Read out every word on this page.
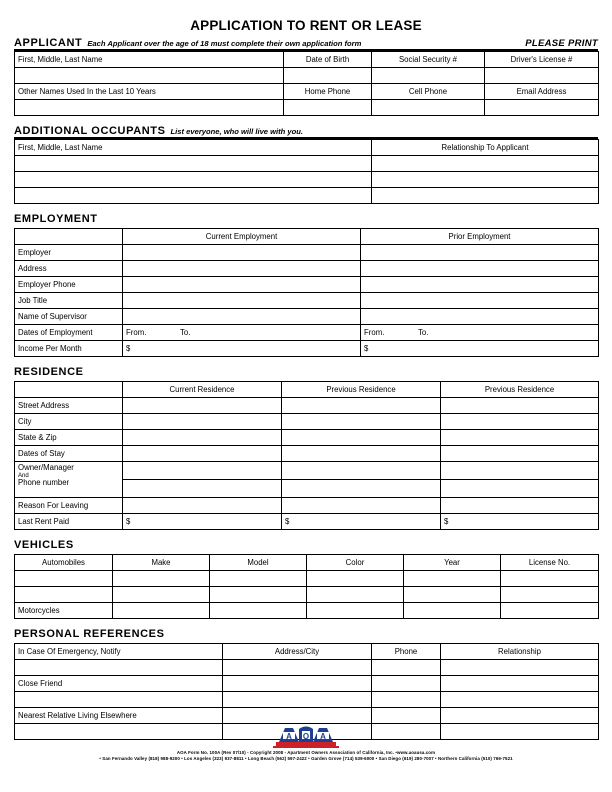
APPLICATION TO RENT OR LEASE
APPLICANT Each Applicant over the age of 18 must complete their own application form	PLEASE PRINT
First, Middle, Last Name	Date of Birth	Social Security #	Driver's License #

Other Names Used In the Last 10 Years	Home Phone	Cell Phone	Email Address

ADDITIONAL OCCUPANTS List everyone, who will live with you.
First, Middle, Last Name	Relationship To Applicant

EMPLOYMENT
	Current Employment	Prior Employment
Employer		
Address		
Employer Phone		
Job Title		
Name of Supervisor		
Dates of Employment	From. To.	From. To.

Income Per Month	$	$
RESIDENCE
	Current Residence	Previous Residence	Previous Residence
Street Address			
City			
State & Zip			
Dates of Stay			
Owner/Manager
And
Phone number			

Reason For Leaving			
Last Rent Paid	$	$	$
VEHICLES
Automobiles	Make	Model	Color	Year	License No.

Motorcycles					
PERSONAL REFERENCES
In Case Of Emergency, Notify	Address/City	Phone	Relationship

Close Friend			

Nearest Relative Living Elsewhere			

A O A
AOA Form No. 100A (Rev 07/10) - Copyright 2008 - Apartment Owners Association of California, Inc. •www.aoausa.com
• San Fernando Valley (818) 988-9200 • Los Angeles (323) 937-8811 • Long Beach (562) 597-2422 • Garden Grove (714) 539-6000 • San Diego (619) 280-7007 • Northern California (510) 769-7521
